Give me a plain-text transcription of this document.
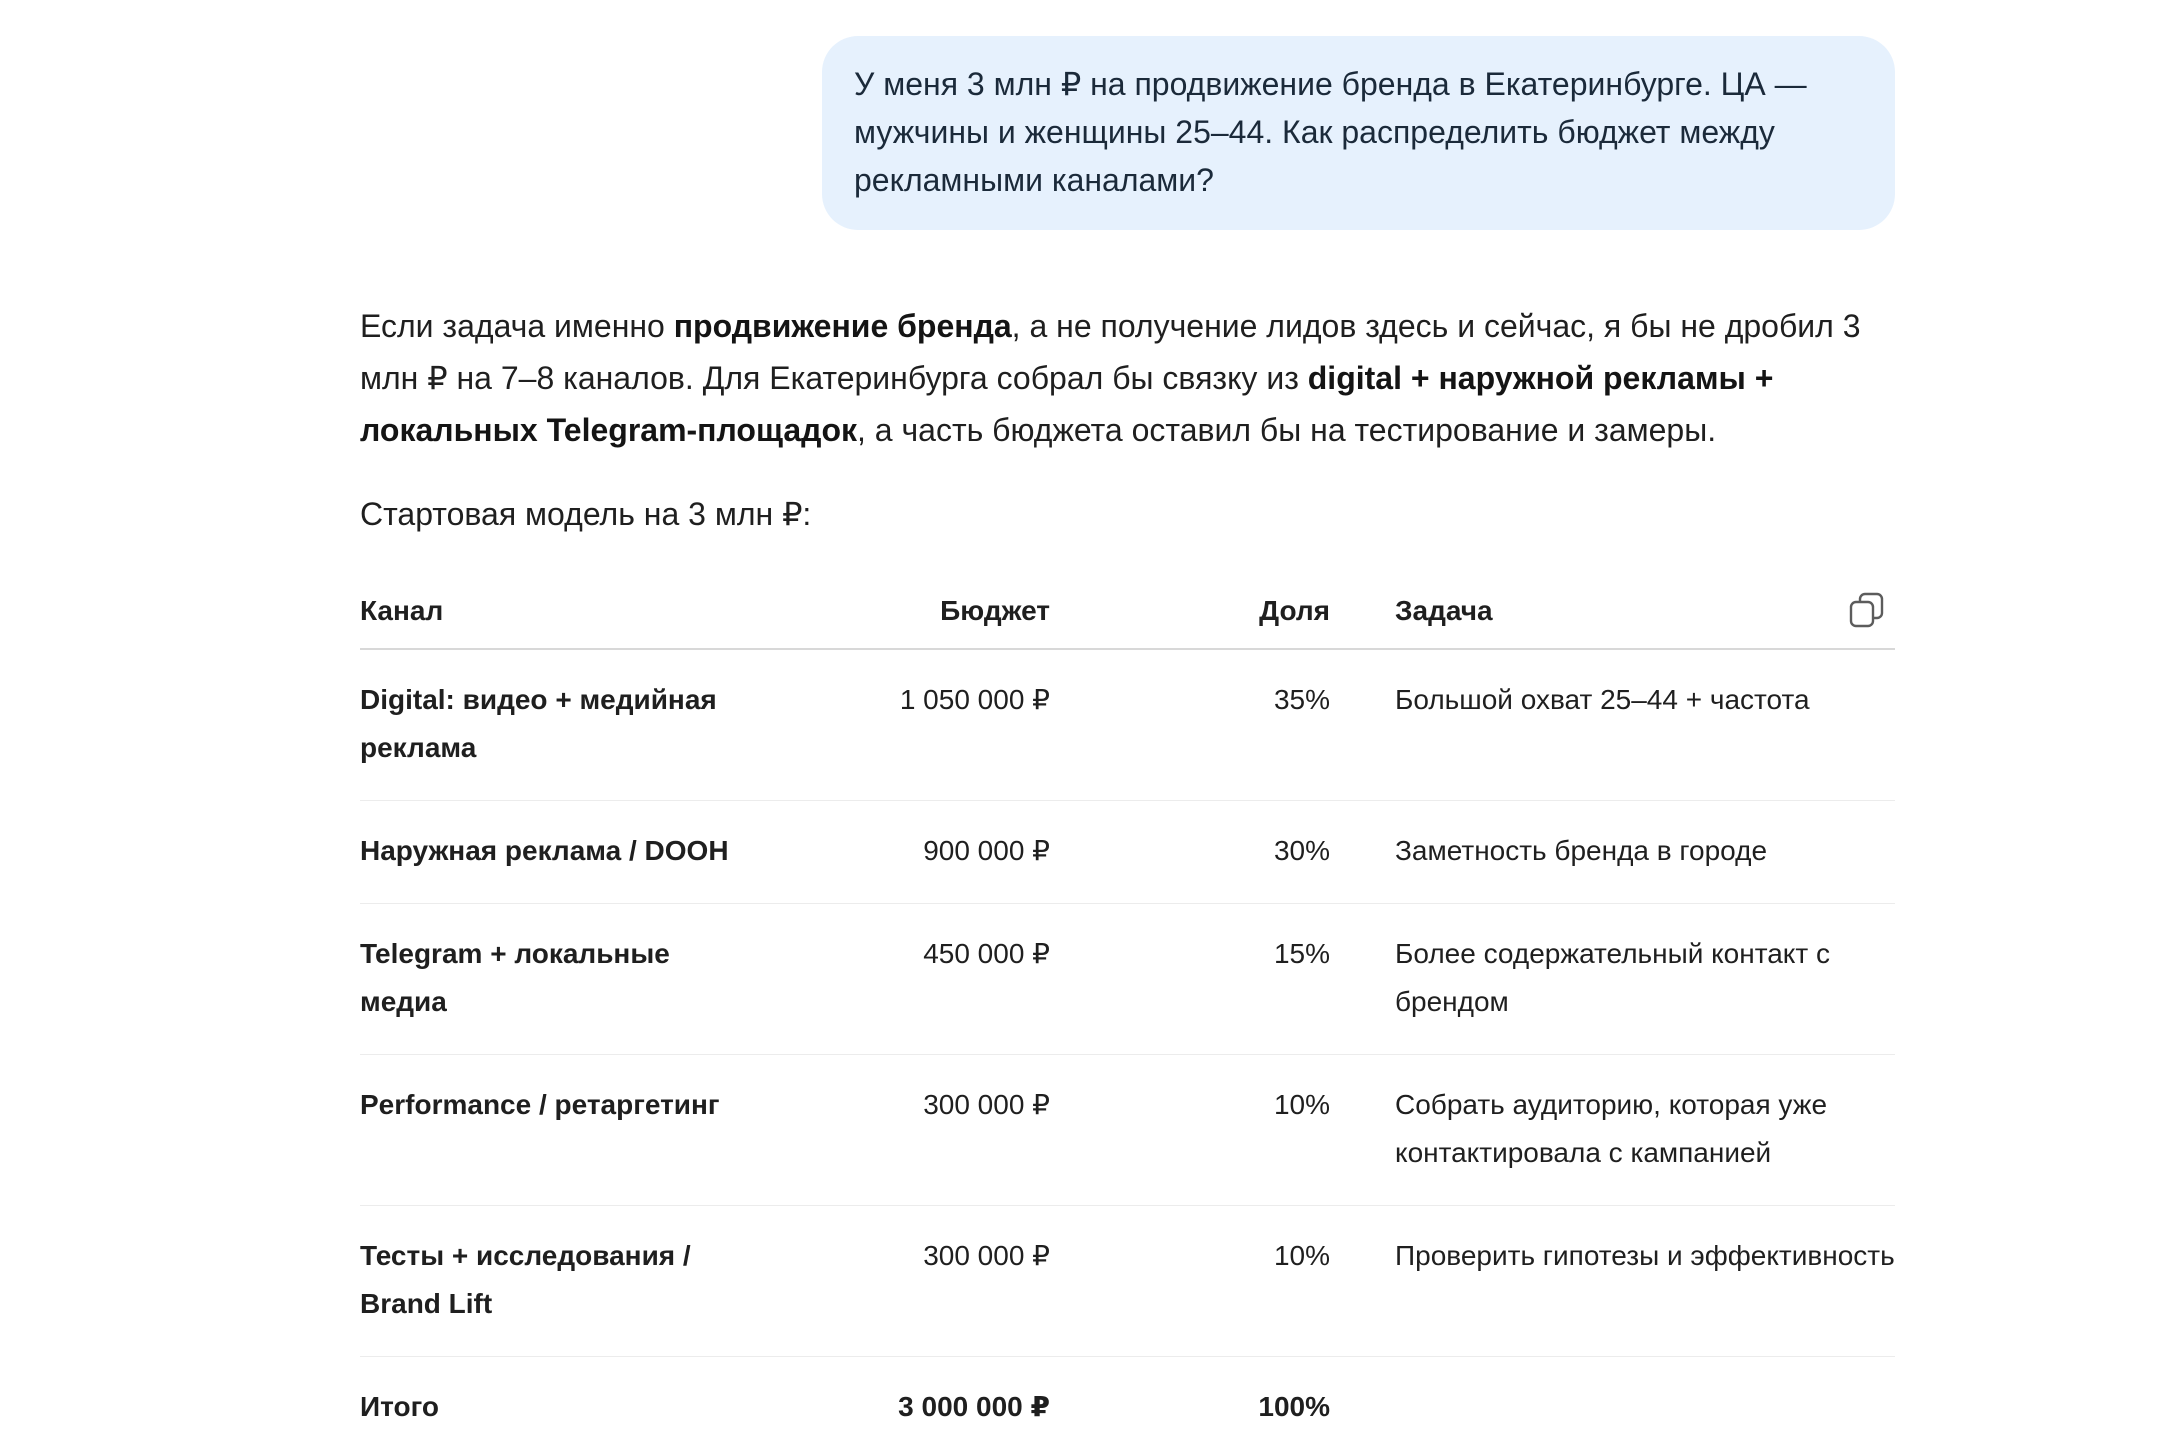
У меня 3 млн ₽ на продвижение бренда в Екатеринбурге. ЦА — мужчины и женщины 25–44. Как распределить бюджет между рекламными каналами?

Если задача именно продвижение бренда, а не получение лидов здесь и сейчас, я бы не дробил 3 млн ₽ на 7–8 каналов. Для Екатеринбурга собрал бы связку из digital + наружной рекламы + локальных Telegram-площадок, а часть бюджета оставил бы на тестирование и замеры.

Стартовая модель на 3 млн ₽:

Канал	Бюджет	Доля	Задача
Digital: видео + медийная реклама	1 050 000 ₽	35%	Большой охват 25–44 + частота
Наружная реклама / DOOH	900 000 ₽	30%	Заметность бренда в городе
Telegram + локальные медиа	450 000 ₽	15%	Более содержательный контакт с брендом
Performance / ретаргетинг	300 000 ₽	10%	Собрать аудиторию, которая уже контактировала с кампанией
Тесты + исследования / Brand Lift	300 000 ₽	10%	Проверить гипотезы и эффективность
Итого	3 000 000 ₽	100%	
